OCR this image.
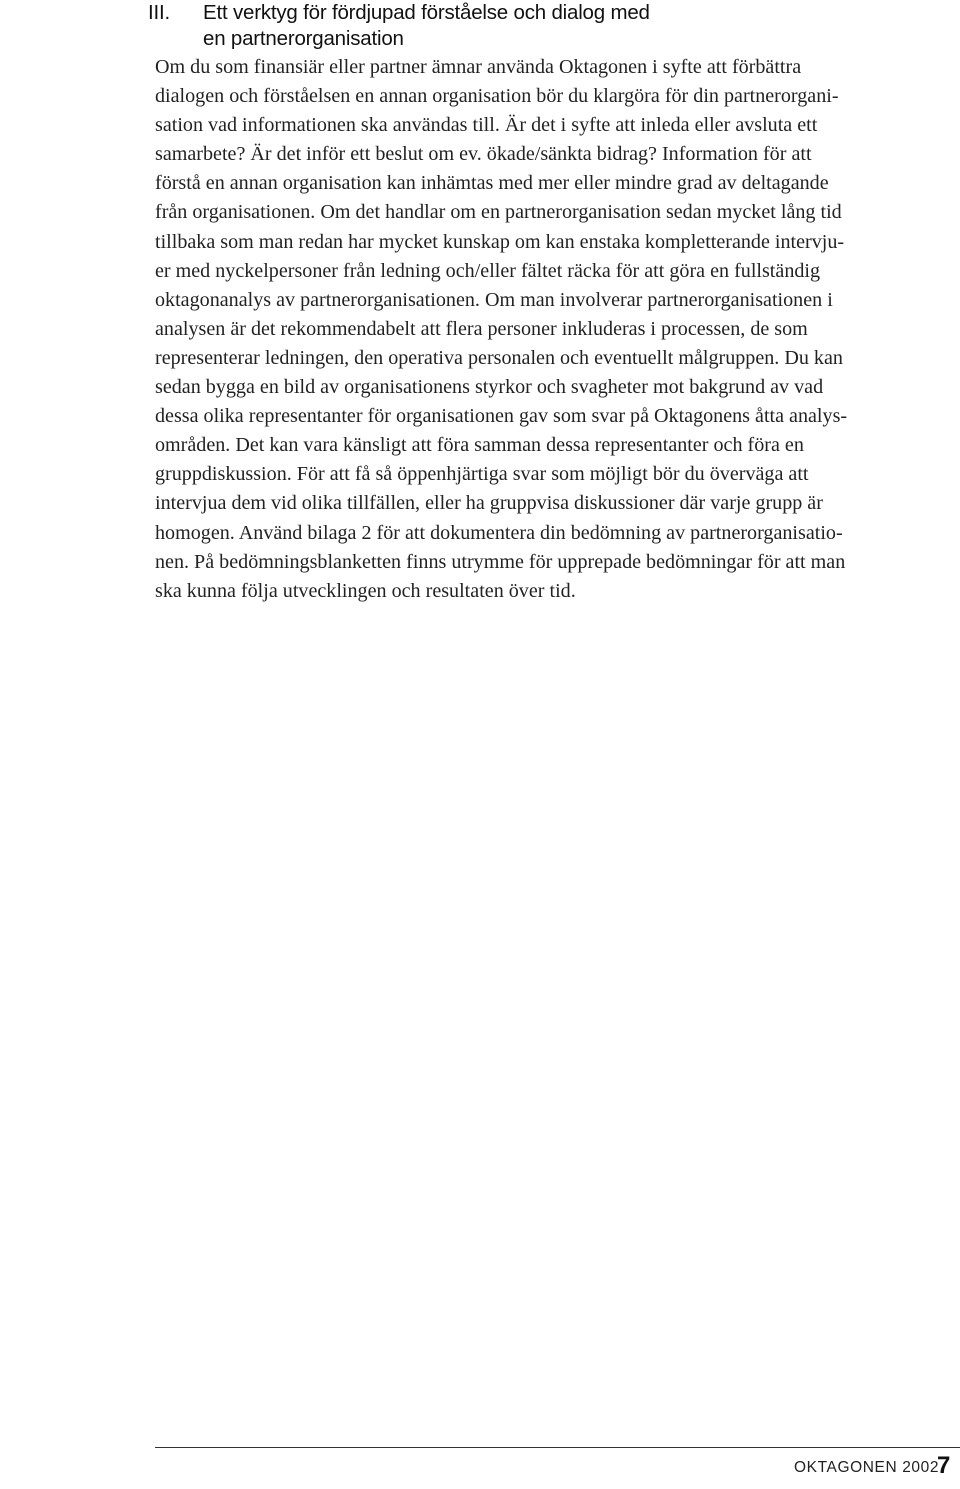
III. Ett verktyg för fördjupad förståelse och dialog med
en partnerorganisation
Om du som finansiär eller partner ämnar använda Oktagonen i syfte att förbättra
dialogen och förståelsen en annan organisation bör du klargöra för din partnerorgani-
sation vad informationen ska användas till. Är det i syfte att inleda eller avsluta ett
samarbete? Är det inför ett beslut om ev. ökade/sänkta bidrag? Information för att
förstå en annan organisation kan inhämtas med mer eller mindre grad av deltagande
från organisationen. Om det handlar om en partnerorganisation sedan mycket lång tid
tillbaka som man redan har mycket kunskap om kan enstaka kompletterande intervju-
er med nyckelpersoner från ledning och/eller fältet räcka för att göra en fullständig
oktagonanalys av partnerorganisationen. Om man involverar partnerorganisationen i
analysen är det rekommendabelt att flera personer inkluderas i processen, de som
representerar ledningen, den operativa personalen och eventuellt målgruppen. Du kan
sedan bygga en bild av organisationens styrkor och svagheter mot bakgrund av vad
dessa olika representanter för organisationen gav som svar på Oktagonens åtta analys-
områden. Det kan vara känsligt att föra samman dessa representanter och föra en
gruppdiskussion. För att få så öppenhjärtiga svar som möjligt bör du överväga att
intervjua dem vid olika tillfällen, eller ha gruppvisa diskussioner där varje grupp är
homogen. Använd bilaga 2 för att dokumentera din bedömning av partnerorganisatio-
nen. På bedömningsblanketten finns utrymme för upprepade bedömningar för att man
ska kunna följa utvecklingen och resultaten över tid.
OKTAGONEN 2002
7
